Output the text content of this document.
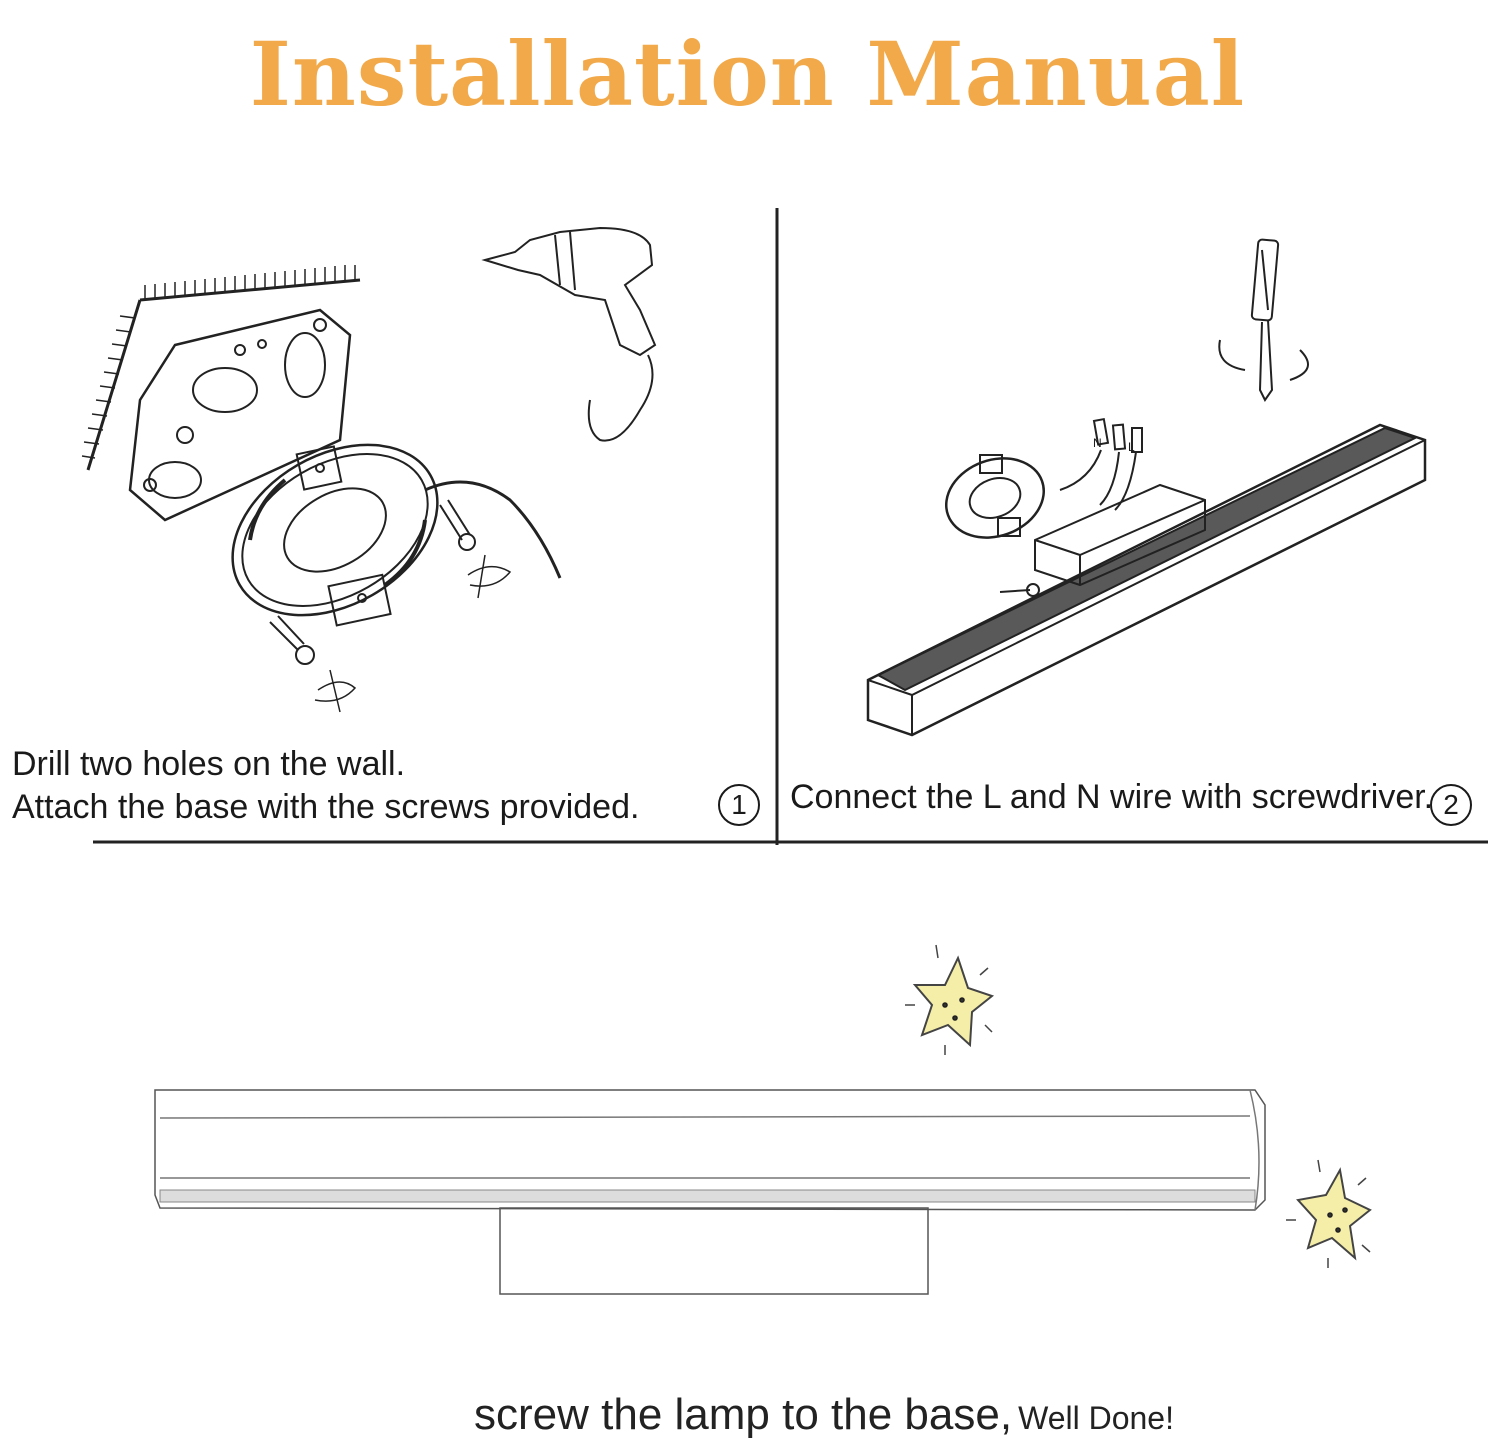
Installation Manual
N L
Drill two holes on the wall.
Attach the base with the screws provided.	1	Connect the L and N wire with screwdriver. 2
screw the lamp to the base, Well Done!
